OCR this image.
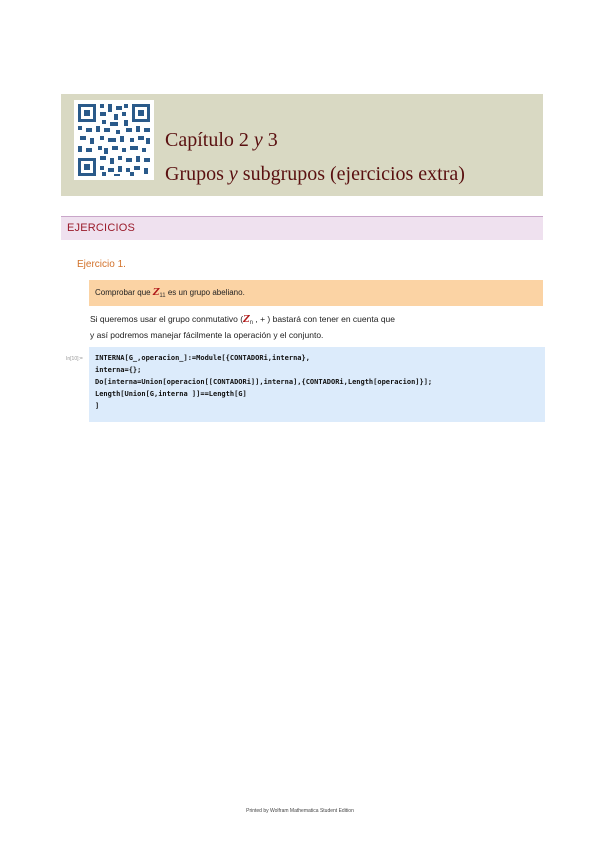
Capítulo 2 y 3
Grupos y subgrupos (ejercicios extra)
EJERCICIOS
Ejercicio 1.
Comprobar que $Z_{11}$ es un grupo abeliano.
Si queremos usar el grupo conmutativo ($Z_n$ , + ) bastará con tener en cuenta que
y así podremos manejar fácilmente la operación y el conjunto.
In[10]:= INTERNA[G_,operacion_]:=Module[{CONTADORi,interna},
interna={};
Do[interna=Union[operacion[[CONTADORi]],interna],{CONTADORi,Length[operacion]}];
Length[Union[G,interna ]]==Length[G]
]
Printed by Wolfram Mathematica Student Edition
